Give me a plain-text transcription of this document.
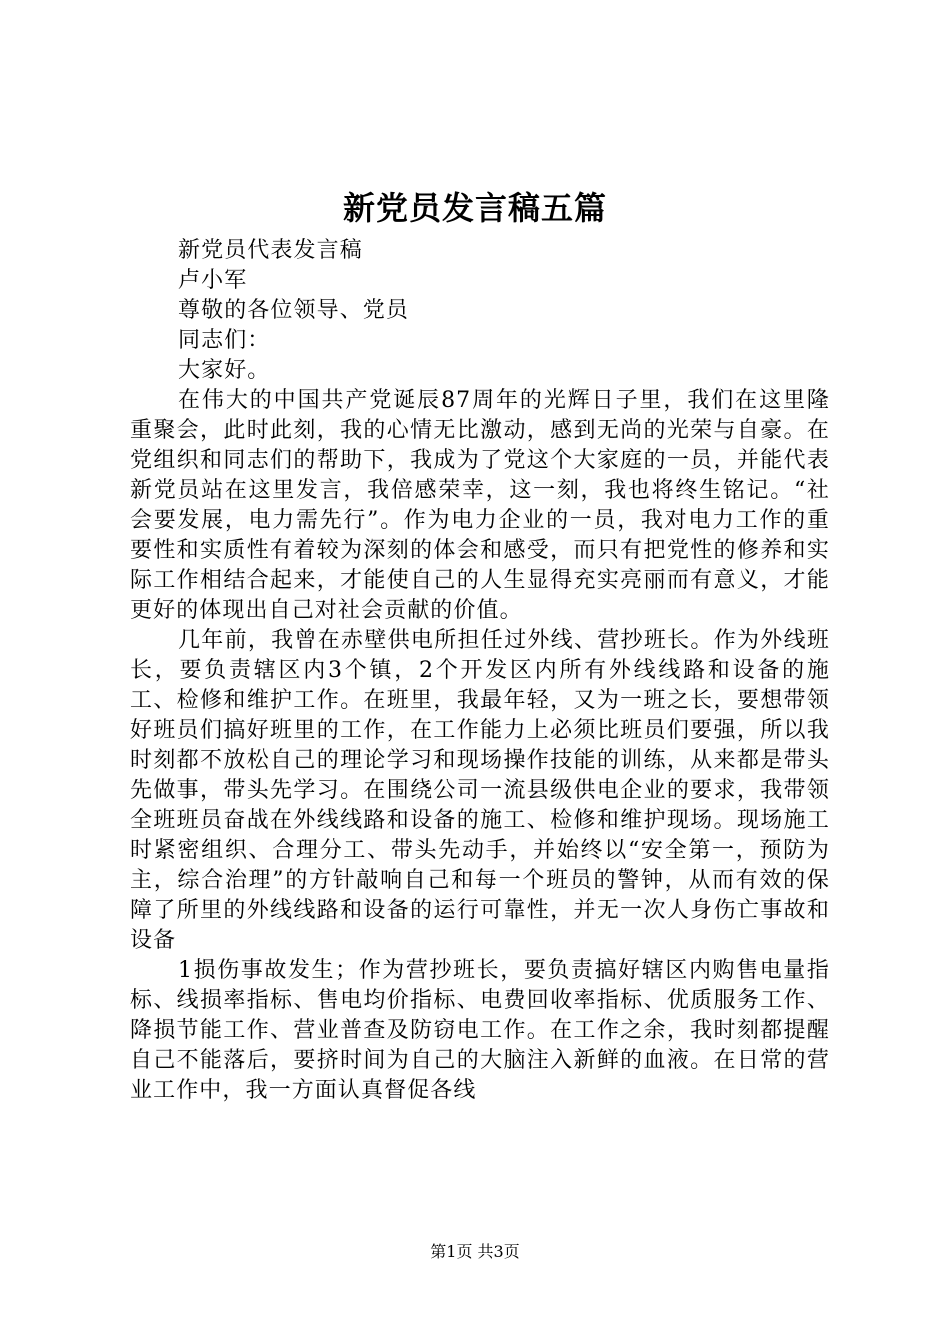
新党员发言稿五篇
新党员代表发言稿
卢小军
尊敬的各位领导、党员
同志们：
大家好。

在伟大的中国共产党诞辰87周年的光辉日子里，我们在这里隆重聚会，此时此刻，我的心情无比激动，感到无尚的光荣与自豪。在党组织和同志们的帮助下，我成为了党这个大家庭的一员，并能代表新党员站在这里发言，我倍感荣幸，这一刻，我也将终生铭记。“社会要发展，电力需先行”。作为电力企业的一员，我对电力工作的重要性和实质性有着较为深刻的体会和感受，而只有把党性的修养和实际工作相结合起来，才能使自己的人生显得充实亮丽而有意义，才能更好的体现出自己对社会贡献的价值。

几年前，我曾在赤壁供电所担任过外线、营抄班长。作为外线班长，要负责辖区内3个镇，2个开发区内所有外线线路和设备的施工、检修和维护工作。在班里，我最年轻，又为一班之长，要想带领好班员们搞好班里的工作，在工作能力上必须比班员们要强，所以我时刻都不放松自己的理论学习和现场操作技能的训练，从来都是带头先做事，带头先学习。在围绕公司一流县级供电企业的要求，我带领全班班员奋战在外线线路和设备的施工、检修和维护现场。现场施工时紧密组织、合理分工、带头先动手，并始终以“安全第一，预防为主，综合治理”的方针敲响自己和每一个班员的警钟，从而有效的保障了所里的外线线路和设备的运行可靠性，并无一次人身伤亡事故和设备

1损伤事故发生；作为营抄班长，要负责搞好辖区内购售电量指标、线损率指标、售电均价指标、电费回收率指标、优质服务工作、降损节能工作、营业普查及防窃电工作。在工作之余，我时刻都提醒自己不能落后，要挤时间为自己的大脑注入新鲜的血液。在日常的营业工作中，我一方面认真督促各线

第1页 共3页
